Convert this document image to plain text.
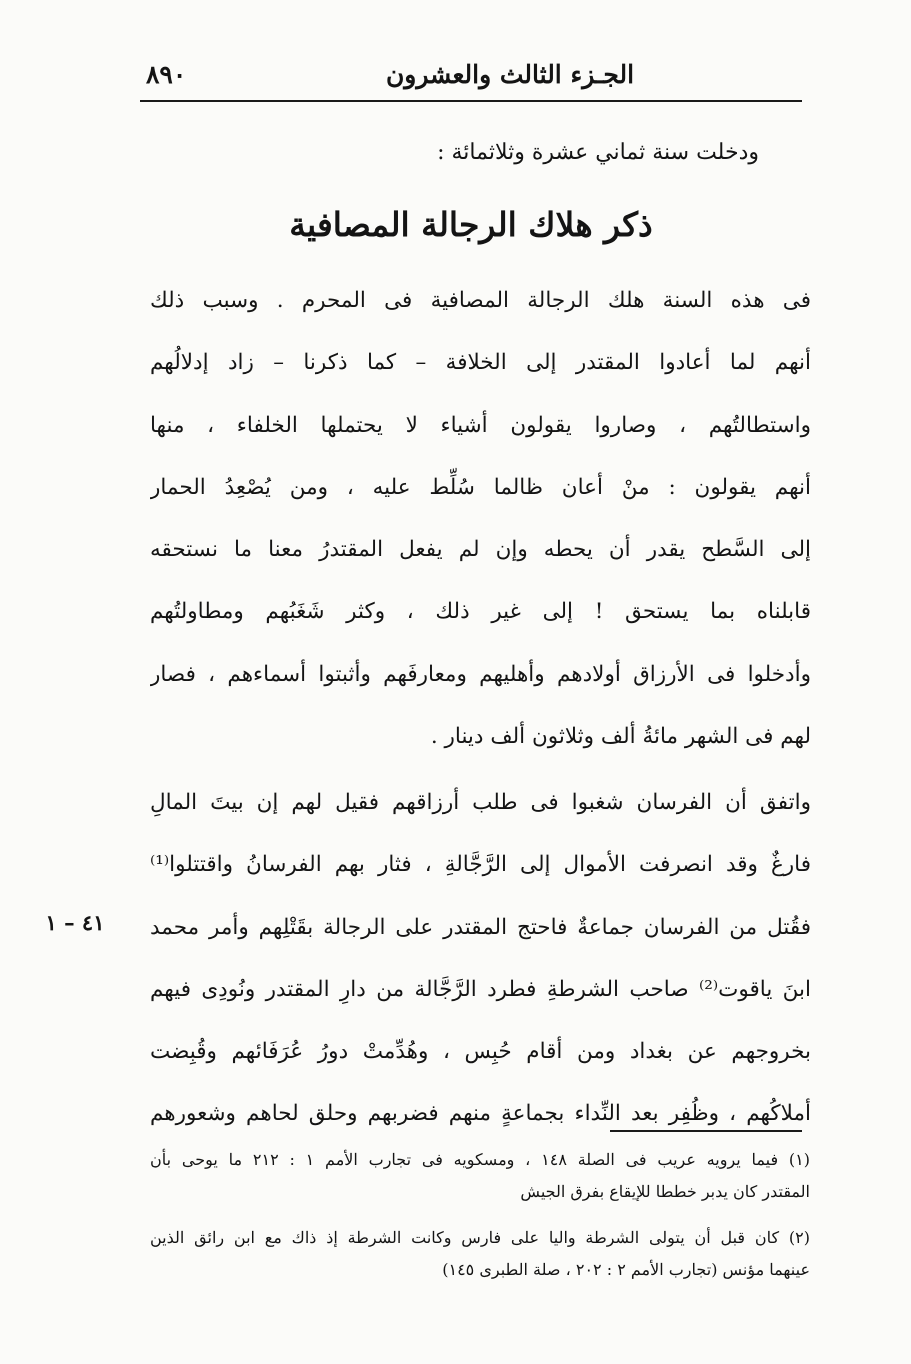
٨٩٠	الجـزء الثالث والعشرون
ودخلت سنة ثماني عشرة وثلاثمائة :
ذكر هلاك الرجالة المصافية
فى هذه السنة هلك الرجالة المصافية فى المحرم . وسبب ذلك
أنهم لما أعادوا المقتدر إلى الخلافة – كما ذكرنا – زاد إدلالُهم
واستطالتُهم ، وصاروا يقولون أشياء لا يحتملها الخلفاء ، منها
أنهم يقولون : منْ أعان ظالما سُلِّط عليه ، ومن يُصْعِدُ الحمار
إلى السَّطح يقدر أن يحطه وإن لم يفعل المقتدرُ معنا ما نستحقه
قابلناه بما يستحق ! إلى غير ذلك ، وكثر شَغَبُهم ومطاولتُهم
وأدخلوا فى الأرزاق أولادهم وأهليهم ومعارفَهم وأثبتوا أسماءهم ، فصار
لهم فى الشهر مائةُ ألف وثلاثون ألف دينار .
واتفق أن الفرسان شغبوا فى طلب أرزاقهم فقيل لهم إن بيتَ المالِ
فارغٌ وقد انصرفت الأموال إلى الرَّجَّالةِ ، فثار بهم الفرسانُ واقتتلوا⁽¹⁾
فقُتل من الفرسان جماعةٌ فاحتج المقتدر على الرجالة بقَتْلِهم وأمر محمد
ابنَ ياقوت⁽²⁾ صاحب الشرطةِ فطرد الرَّجَّالة من دارِ المقتدر ونُودِى فيهم
بخروجهم عن بغداد ومن أقام حُبِس ، وهُدِّمتْ دورُ عُرَفَائهم وقُبِضت
أملاكُهم ، وظُفِر بعد النِّداء بجماعةٍ منهم فضربهم وحلق لحاهم وشعورهم
٤١ – ١
(١) فيما يرويه عريب فى الصلة ١٤٨ ، ومسكويه فى تجارب الأمم ١ : ٢١٢ ما يوحى بأن
المقتدر كان يدبر خططا للإيقاع بفرق الجيش
(٢) كان قبل أن يتولى الشرطة واليا على فارس وكانت الشرطة إذ ذاك مع ابن رائق الذين
عينهما مؤنس (تجارب الأمم ٢ : ٢٠٢ ، صلة الطبرى ١٤٥)
